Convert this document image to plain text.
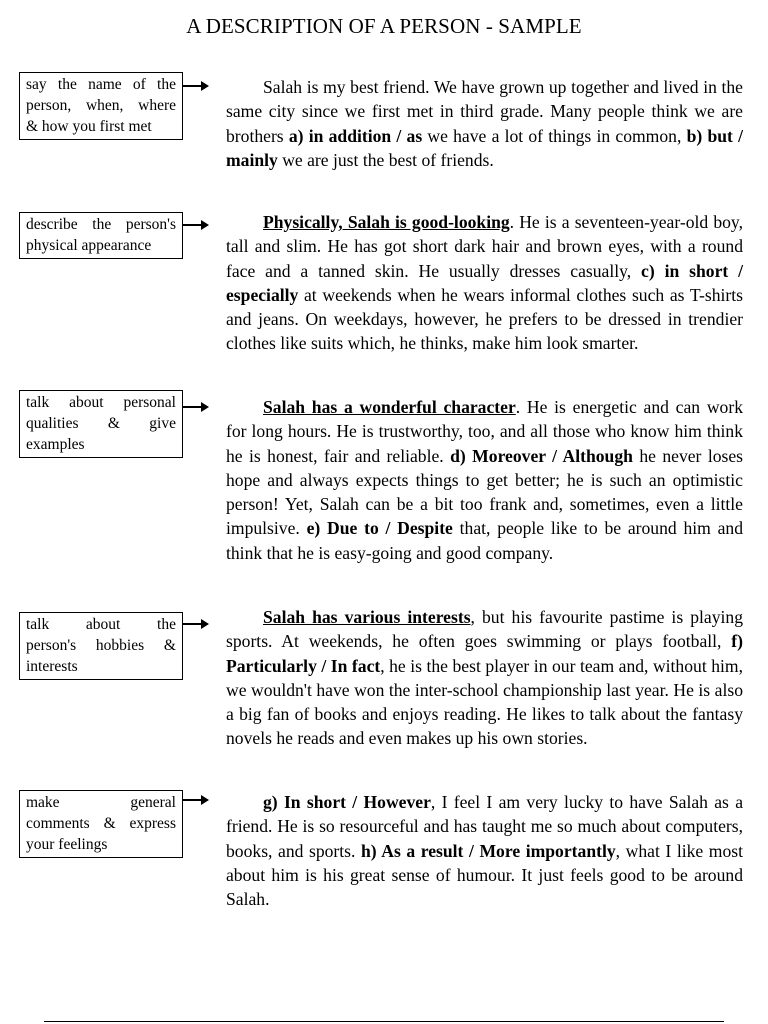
A DESCRIPTION OF A PERSON - SAMPLE
say the name of the
person, when, where
& how you first met
describe the person's
physical appearance
talk about personal
qualities & give
examples
talk about the
person's hobbies &
interests
make general
comments & express
your feelings
Salah is my best friend. We have grown up together and lived in the same city since we first met in third grade. Many people think we are brothers a) in addition / as we have a lot of things in common, b) but / mainly we are just the best of friends.
Physically, Salah is good-looking. He is a seventeen-year-old boy, tall and slim. He has got short dark hair and brown eyes, with a round face and a tanned skin. He usually dresses casually, c) in short / especially at weekends when he wears informal clothes such as T-shirts and jeans. On weekdays, however, he prefers to be dressed in trendier clothes like suits which, he thinks, make him look smarter.
Salah has a wonderful character. He is energetic and can work for long hours. He is trustworthy, too, and all those who know him think he is honest, fair and reliable. d) Moreover / Although he never loses hope and always expects things to get better; he is such an optimistic person! Yet, Salah can be a bit too frank and, sometimes, even a little impulsive. e) Due to / Despite that, people like to be around him and think that he is easy-going and good company.
Salah has various interests, but his favourite pastime is playing sports. At weekends, he often goes swimming or plays football, f) Particularly / In fact, he is the best player in our team and, without him, we wouldn't have won the inter-school championship last year. He is also a big fan of books and enjoys reading. He likes to talk about the fantasy novels he reads and even makes up his own stories.
g) In short / However, I feel I am very lucky to have Salah as a friend. He is so resourceful and has taught me so much about computers, books, and sports. h) As a result / More importantly, what I like most about him is his great sense of humour. It just feels good to be around Salah.
